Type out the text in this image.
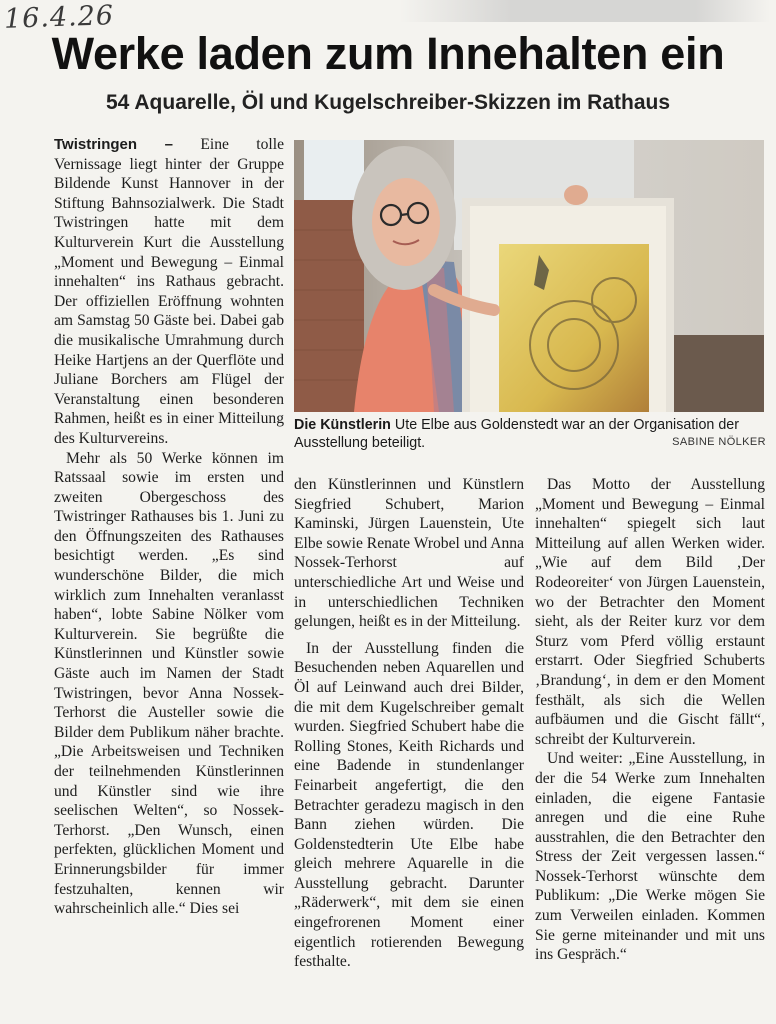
16.4.26
Werke laden zum Innehalten ein
54 Aquarelle, Öl und Kugelschreiber-Skizzen im Rathaus

Twistringen – Eine tolle Vernissage liegt hinter der Gruppe Bildende Kunst Hannover in der Stiftung Bahnsozialwerk. Die Stadt Twistringen hatte mit dem Kulturverein Kurt die Ausstellung „Moment und Bewegung – Einmal innehalten“ ins Rathaus gebracht. Der offiziellen Eröffnung wohnten am Samstag 50 Gäste bei. Dabei gab die musikalische Umrahmung durch Heike Hartjens an der Querflöte und Juliane Borchers am Flügel der Veranstaltung einen besonderen Rahmen, heißt es in einer Mitteilung des Kulturvereins.

Mehr als 50 Werke können im Ratssaal sowie im ersten und zweiten Obergeschoss des Twistringer Rathauses bis 1. Juni zu den Öffnungszeiten des Rathauses besichtigt werden. „Es sind wunderschöne Bilder, die mich wirklich zum Innehalten veranlasst haben“, lobte Sabine Nölker vom Kulturverein. Sie begrüßte die Künstlerinnen und Künstler sowie Gäste auch im Namen der Stadt Twistringen, bevor Anna Nossek-Terhorst die Austeller sowie die Bilder dem Publikum näher brachte. „Die Arbeitsweisen und Techniken der teilnehmenden Künstlerinnen und Künstler sind wie ihre seelischen Welten“, so Nossek-Terhorst. „Den Wunsch, einen perfekten, glücklichen Moment und Erinnerungsbilder für immer festzuhalten, kennen wir wahrscheinlich alle.“ Dies sei

Die Künstlerin Ute Elbe aus Goldenstedt war an der Organisation der Ausstellung beteiligt.	SABINE NÖLKER

den Künstlerinnen und Künstlern Siegfried Schubert, Marion Kaminski, Jürgen Lauenstein, Ute Elbe sowie Renate Wrobel und Anna Nossek-Terhorst auf unterschiedliche Art und Weise und in unterschiedlichen Techniken gelungen, heißt es in der Mitteilung.

In der Ausstellung finden die Besuchenden neben Aquarellen und Öl auf Leinwand auch drei Bilder, die mit dem Kugelschreiber gemalt wurden. Siegfried Schubert habe die Rolling Stones, Keith Richards und eine Badende in stundenlanger Feinarbeit angefertigt, die den Betrachter geradezu magisch in den Bann ziehen würden. Die Goldenstedterin Ute Elbe habe gleich mehrere Aquarelle in die Ausstellung gebracht. Darunter „Räderwerk“, mit dem sie einen eingefrorenen Moment einer eigentlich rotierenden Bewegung festhalte.

Das Motto der Ausstellung „Moment und Bewegung – Einmal innehalten“ spiegelt sich laut Mitteilung auf allen Werken wider. „Wie auf dem Bild ‚Der Rodeoreiter‘ von Jürgen Lauenstein, wo der Betrachter den Moment sieht, als der Reiter kurz vor dem Sturz vom Pferd völlig erstaunt erstarrt. Oder Siegfried Schuberts ‚Brandung‘, in dem er den Moment festhält, als sich die Wellen aufbäumen und die Gischt fällt“, schreibt der Kulturverein.

Und weiter: „Eine Ausstellung, in der die 54 Werke zum Innehalten einladen, die eigene Fantasie anregen und die eine Ruhe ausstrahlen, die den Betrachter den Stress der Zeit vergessen lassen.“ Nossek-Terhorst wünschte dem Publikum: „Die Werke mögen Sie zum Verweilen einladen. Kommen Sie gerne miteinander und mit uns ins Gespräch.“
